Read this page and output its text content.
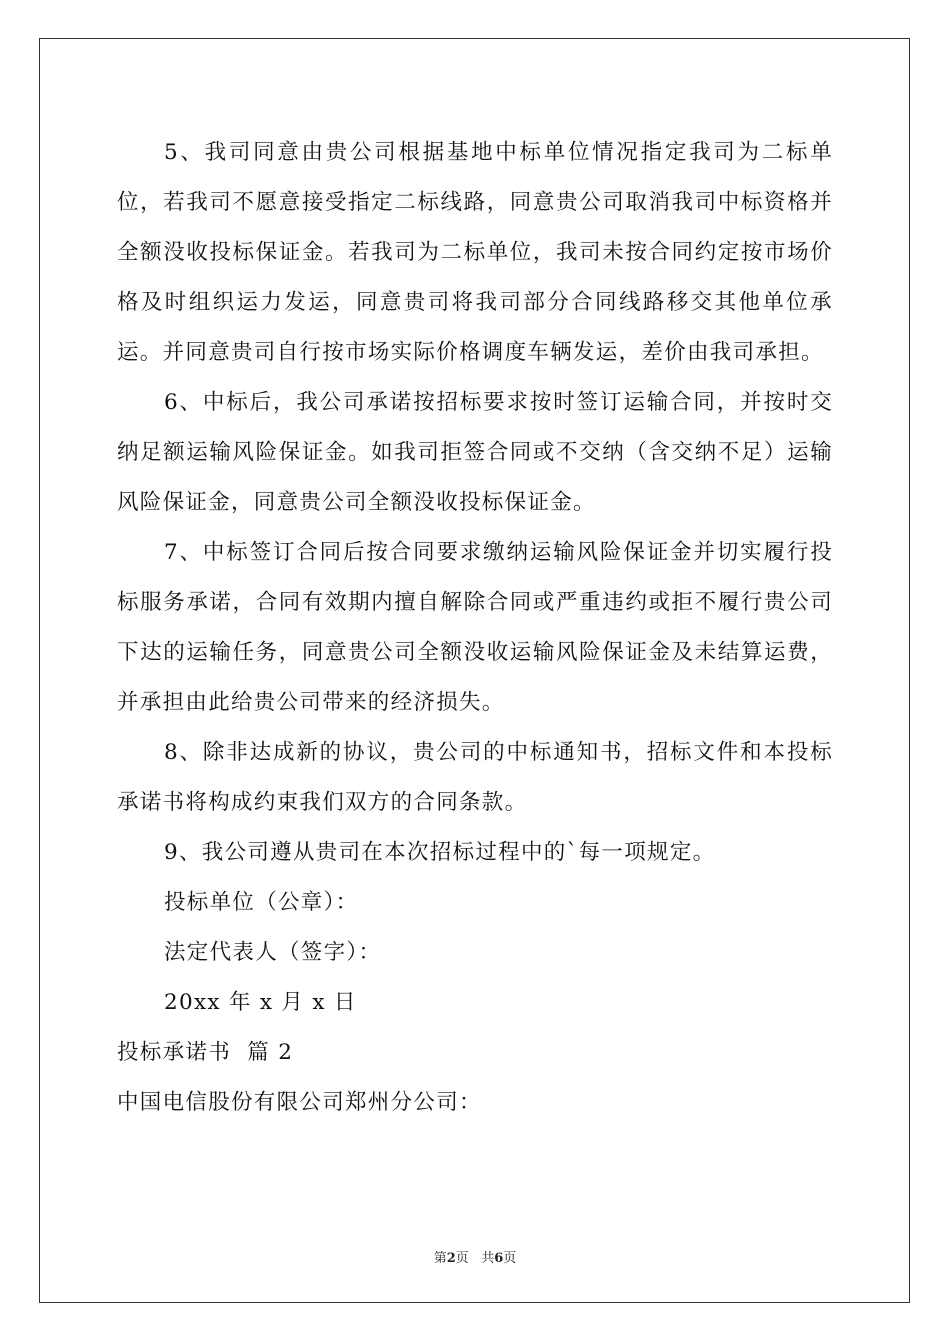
5、我司同意由贵公司根据基地中标单位情况指定我司为二标单位，若我司不愿意接受指定二标线路，同意贵公司取消我司中标资格并全额没收投标保证金。若我司为二标单位，我司未按合同约定按市场价格及时组织运力发运，同意贵司将我司部分合同线路移交其他单位承运。并同意贵司自行按市场实际价格调度车辆发运，差价由我司承担。

6、中标后，我公司承诺按招标要求按时签订运输合同，并按时交纳足额运输风险保证金。如我司拒签合同或不交纳（含交纳不足）运输风险保证金，同意贵公司全额没收投标保证金。

7、中标签订合同后按合同要求缴纳运输风险保证金并切实履行投标服务承诺，合同有效期内擅自解除合同或严重违约或拒不履行贵公司下达的运输任务，同意贵公司全额没收运输风险保证金及未结算运费，并承担由此给贵公司带来的经济损失。

8、除非达成新的协议，贵公司的中标通知书，招标文件和本投标承诺书将构成约束我们双方的合同条款。

9、我公司遵从贵司在本次招标过程中的`每一项规定。

投标单位（公章）：

法定代表人（签字）：

20xx 年 x 月 x 日

投标承诺书  篇 2

中国电信股份有限公司郑州分公司：

第2页   共6页
